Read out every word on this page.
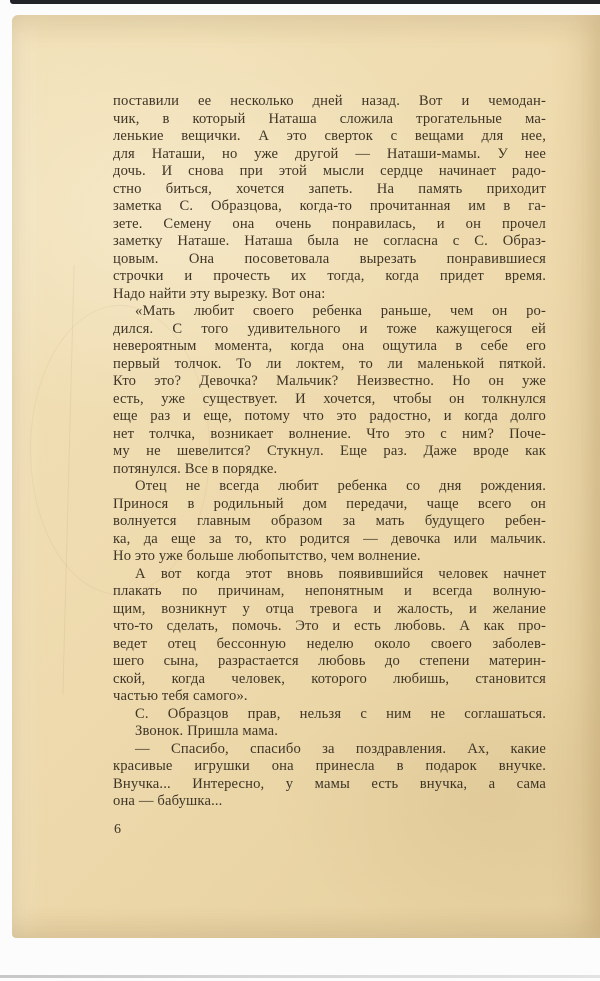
поставили ее несколько дней назад. Вот и чемодан-
чик, в который Наташа сложила трогательные ма-
ленькие вещички. А это сверток с вещами для нее,
для Наташи, но уже другой — Наташи-мамы. У нее
дочь. И снова при этой мысли сердце начинает радо-
стно биться, хочется запеть. На память приходит
заметка С. Образцова, когда-то прочитанная им в га-
зете. Семену она очень понравилась, и он прочел
заметку Наташе. Наташа была не согласна с С. Образ-
цовым. Она посоветовала вырезать понравившиеся
строчки и прочесть их тогда, когда придет время.
Надо найти эту вырезку. Вот она:
«Мать любит своего ребенка раньше, чем он ро-
дился. С того удивительного и тоже кажущегося ей
невероятным момента, когда она ощутила в себе его
первый толчок. То ли локтем, то ли маленькой пяткой.
Кто это? Девочка? Мальчик? Неизвестно. Но он уже
есть, уже существует. И хочется, чтобы он толкнулся
еще раз и еще, потому что это радостно, и когда долго
нет толчка, возникает волнение. Что это с ним? Поче-
му не шевелится? Стукнул. Еще раз. Даже вроде как
потянулся. Все в порядке.
Отец не всегда любит ребенка со дня рождения.
Принося в родильный дом передачи, чаще всего он
волнуется главным образом за мать будущего ребен-
ка, да еще за то, кто родится — девочка или мальчик.
Но это уже больше любопытство, чем волнение.
А вот когда этот вновь появившийся человек начнет
плакать по причинам, непонятным и всегда волную-
щим, возникнут у отца тревога и жалость, и желание
что-то сделать, помочь. Это и есть любовь. А как про-
ведет отец бессонную неделю около своего заболев-
шего сына, разрастается любовь до степени материн-
ской, когда человек, которого любишь, становится
частью тебя самого».
С. Образцов прав, нельзя с ним не соглашаться.
Звонок. Пришла мама.
— Спасибо, спасибо за поздравления. Ах, какие
красивые игрушки она принесла в подарок внучке.
Внучка... Интересно, у мамы есть внучка, а сама
она — бабушка...
6
